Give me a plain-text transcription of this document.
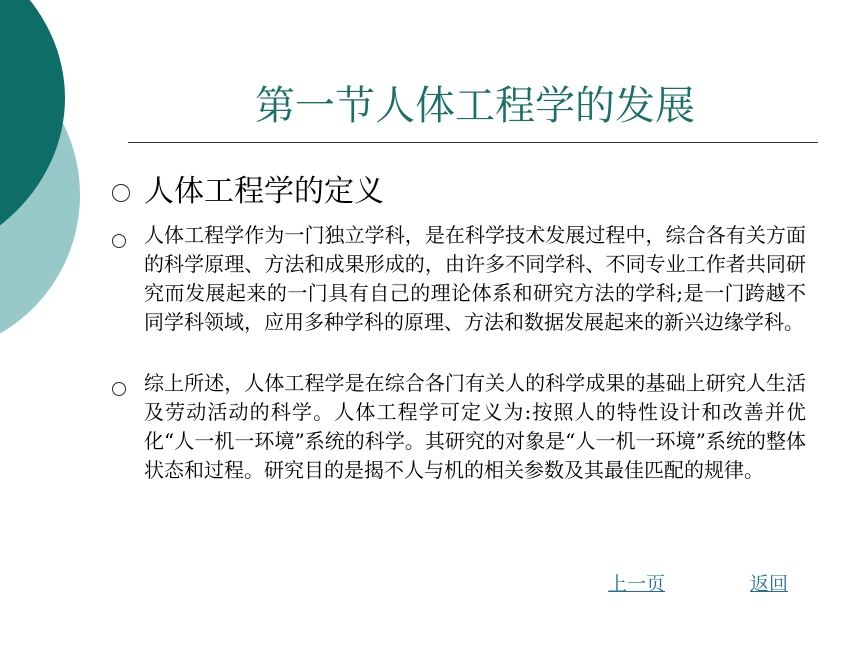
第一节人体工程学的发展
人体工程学的定义

人体工程学作为一门独立学科，是在科学技术发展过程中，综合各有关方面的科学原理、方法和成果形成的，由许多不同学科、不同专业工作者共同研究而发展起来的一门具有自己的理论体系和研究方法的学科;是一门跨越不同学科领域，应用多种学科的原理、方法和数据发展起来的新兴边缘学科。

综上所述，人体工程学是在综合各门有关人的科学成果的基础上研究人生活及劳动活动的科学。人体工程学可定义为:按照人的特性设计和改善并优化“人一机一环境”系统的科学。其研究的对象是“人一机一环境”系统的整体状态和过程。研究目的是揭不人与机的相关参数及其最佳匹配的规律。

上一页	返回
